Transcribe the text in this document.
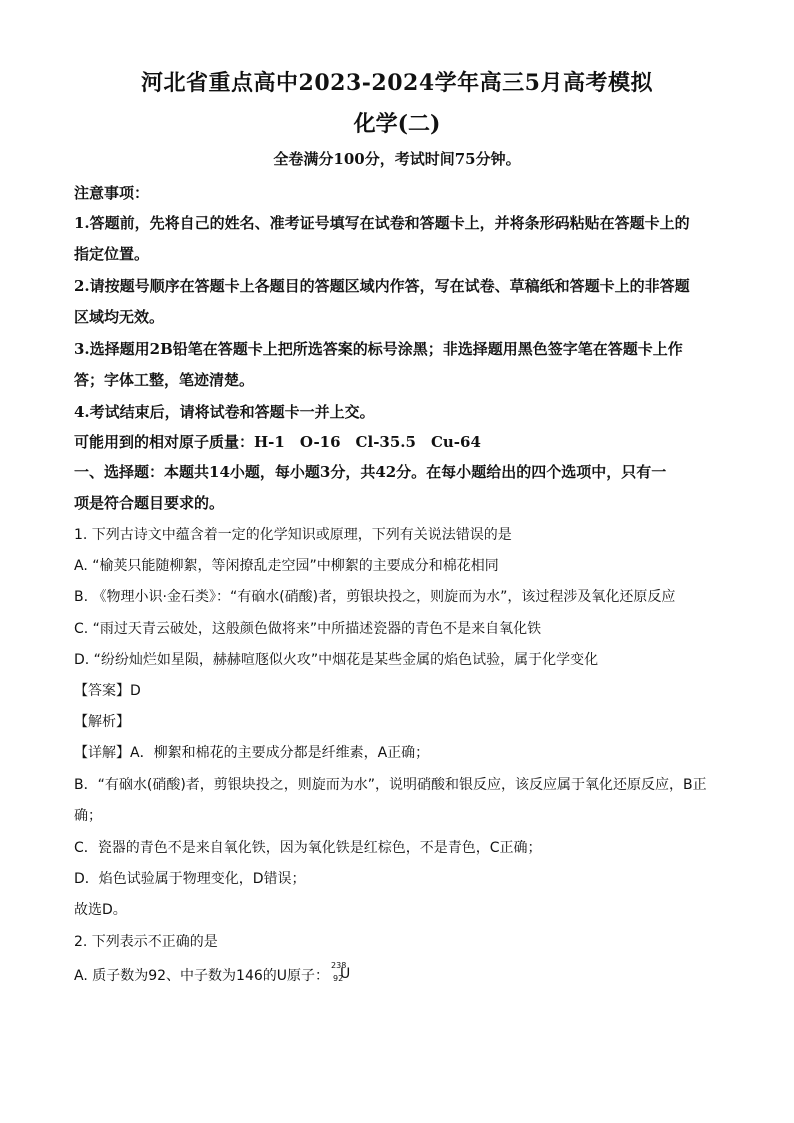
河北省重点高中2023-2024学年高三5月高考模拟
化学(二)
全卷满分100分，考试时间75分钟。
注意事项：
1.答题前，先将自己的姓名、准考证号填写在试卷和答题卡上，并将条形码粘贴在答题卡上的
指定位置。
2.请按题号顺序在答题卡上各题目的答题区域内作答，写在试卷、草稿纸和答题卡上的非答题
区域均无效。
3.选择题用2B铅笔在答题卡上把所选答案的标号涂黑；非选择题用黑色签字笔在答题卡上作
答；字体工整，笔迹清楚。
4.考试结束后，请将试卷和答题卡一并上交。
可能用到的相对原子质量：H-1　O-16　Cl-35.5　Cu-64
一、选择题：本题共14小题，每小题3分，共42分。在每小题给出的四个选项中，只有一
项是符合题目要求的。
1. 下列古诗文中蕴含着一定的化学知识或原理，下列有关说法错误的是
A. “榆荚只能随柳絮，等闲撩乱走空园”中柳絮的主要成分和棉花相同
B. 《物理小识·金石类》：“有硇水(硝酸)者，剪银块投之，则旋而为水”，该过程涉及氧化还原反应
C. “雨过天青云破处，这般颜色做将来”中所描述瓷器的青色不是来自氧化铁
D. “纷纷灿烂如星陨，赫赫喧豗似火攻”中烟花是某些金属的焰色试验，属于化学变化
【答案】D
【解析】
【详解】A．柳絮和棉花的主要成分都是纤维素，A正确；
B．“有硇水(硝酸)者，剪银块投之，则旋而为水”，说明硝酸和银反应，该反应属于氧化还原反应，B正
确；
C．瓷器的青色不是来自氧化铁，因为氧化铁是红棕色，不是青色，C正确；
D．焰色试验属于物理变化，D错误；
故选D。
2. 下列表示不正确的是
A. 质子数为92、中子数为146的U原子：
238
92
U
